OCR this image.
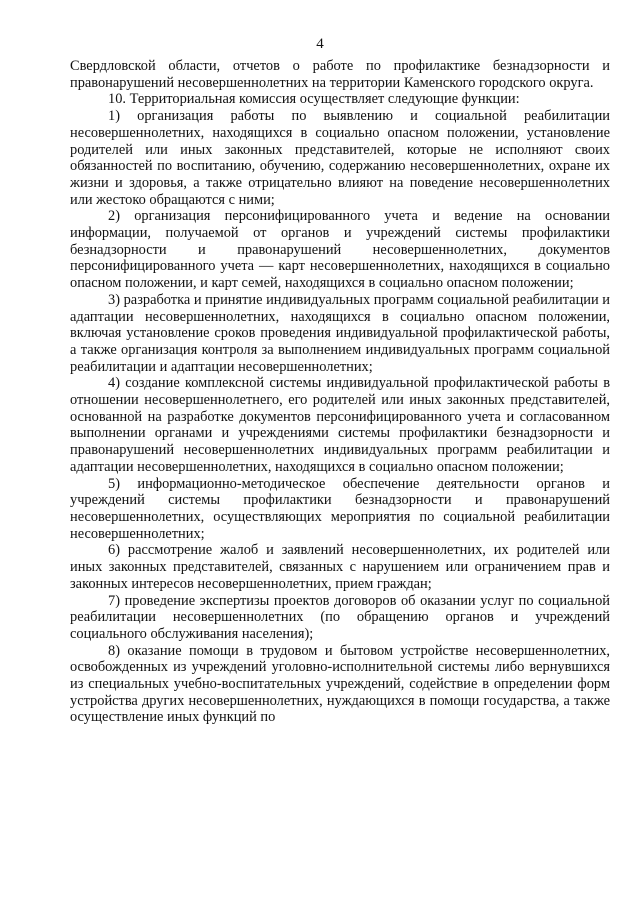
4

Свердловской области, отчетов о работе по профилактике безнадзорности и правонарушений несовершеннолетних на территории Каменского городского округа.

10. Территориальная комиссия осуществляет следующие функции:

1) организация работы по выявлению и социальной реабилитации несовершеннолетних, находящихся в социально опасном положении, установление родителей или иных законных представителей, которые не исполняют своих обязанностей по воспитанию, обучению, содержанию несовершеннолетних, охране их жизни и здоровья, а также отрицательно влияют на поведение несовершеннолетних или жестоко обращаются с ними;

2) организация персонифицированного учета и ведение на основании информации, получаемой от органов и учреждений системы профилактики безнадзорности и правонарушений несовершеннолетних, документов персонифицированного учета — карт несовершеннолетних, находящихся в социально опасном положении, и карт семей, находящихся в социально опасном положении;

3) разработка и принятие индивидуальных программ социальной реабилитации и адаптации несовершеннолетних, находящихся в социально опасном положении, включая установление сроков проведения индивидуальной профилактической работы, а также организация контроля за выполнением индивидуальных программ социальной реабилитации и адаптации несовершеннолетних;

4) создание комплексной системы индивидуальной профилактической работы в отношении несовершеннолетнего, его родителей или иных законных представителей, основанной на разработке документов персонифицированного учета и согласованном выполнении органами и учреждениями системы профилактики безнадзорности и правонарушений несовершеннолетних индивидуальных программ реабилитации и адаптации несовершеннолетних, находящихся в социально опасном положении;

5) информационно-методическое обеспечение деятельности органов и учреждений системы профилактики безнадзорности и правонарушений несовершеннолетних, осуществляющих мероприятия по социальной реабилитации несовершеннолетних;

6) рассмотрение жалоб и заявлений несовершеннолетних, их родителей или иных законных представителей, связанных с нарушением или ограничением прав и законных интересов несовершеннолетних, прием граждан;

7) проведение экспертизы проектов договоров об оказании услуг по социальной реабилитации несовершеннолетних (по обращению органов и учреждений социального обслуживания населения);

8) оказание помощи в трудовом и бытовом устройстве несовершеннолетних, освобожденных из учреждений уголовно-исполнительной системы либо вернувшихся из специальных учебно-воспитательных учреждений, содействие в определении форм устройства других несовершеннолетних, нуждающихся в помощи государства, а также осуществление иных функций по
